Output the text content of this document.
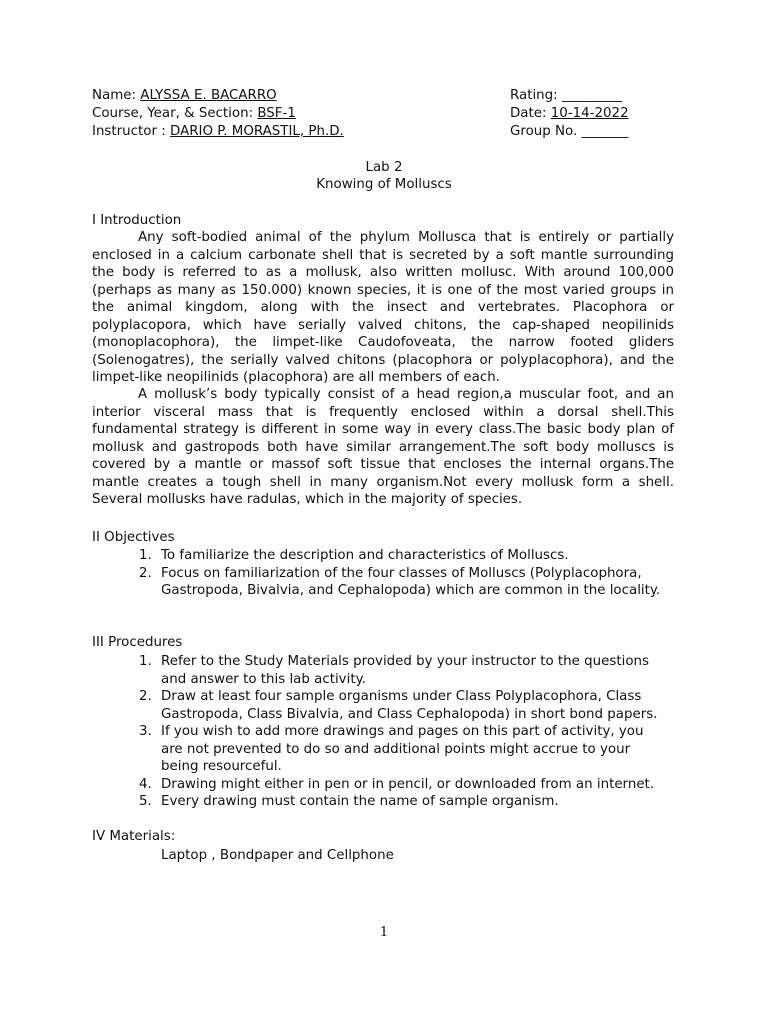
Name: ALYSSA E. BACARRO
Course, Year, & Section: BSF-1
Instructor : DARIO P. MORASTIL, Ph.D.
Rating: _________
Date: 10-14-2022
Group No. _______
Lab 2
Knowing of Molluscs
I Introduction

Any soft-bodied animal of the phylum Mollusca that is entirely or partially enclosed in a calcium carbonate shell that is secreted by a soft mantle surrounding the body is referred to as a mollusk, also written mollusc. With around 100,000 (perhaps as many as 150.000) known species, it is one of the most varied groups in the animal kingdom, along with the insect and vertebrates. Placophora or polyplacopora, which have serially valved chitons, the cap-shaped neopilinids (monoplacophora), the limpet-like Caudofoveata, the narrow footed gliders (Solenogatres), the serially valved chitons (placophora or polyplacophora), and the limpet-like neopilinids (placophora) are all members of each.

A mollusk’s body typically consist of a head region,a muscular foot, and an interior visceral mass that is frequently enclosed within a dorsal shell.This fundamental strategy is different in some way in every class.The basic body plan of mollusk and gastropods both have similar arrangement.The soft body molluscs is covered by a mantle or massof soft tissue that encloses the internal organs.The mantle creates a tough shell in many organism.Not every mollusk form a shell. Several mollusks have radulas, which in the majority of species.

II Objectives
1. To familiarize the description and characteristics of Molluscs.
2. Focus on familiarization of the four classes of Molluscs (Polyplacophora, Gastropoda, Bivalvia, and Cephalopoda) which are common in the locality.
III Procedures
1. Refer to the Study Materials provided by your instructor to the questions and answer to this lab activity.
2. Draw at least four sample organisms under Class Polyplacophora, Class Gastropoda, Class Bivalvia, and Class Cephalopoda) in short bond papers.
3. If you wish to add more drawings and pages on this part of activity, you are not prevented to do so and additional points might accrue to your being resourceful.
4. Drawing might either in pen or in pencil, or downloaded from an internet.
5. Every drawing must contain the name of sample organism.
IV Materials:
Laptop , Bondpaper and Cellphone
1
